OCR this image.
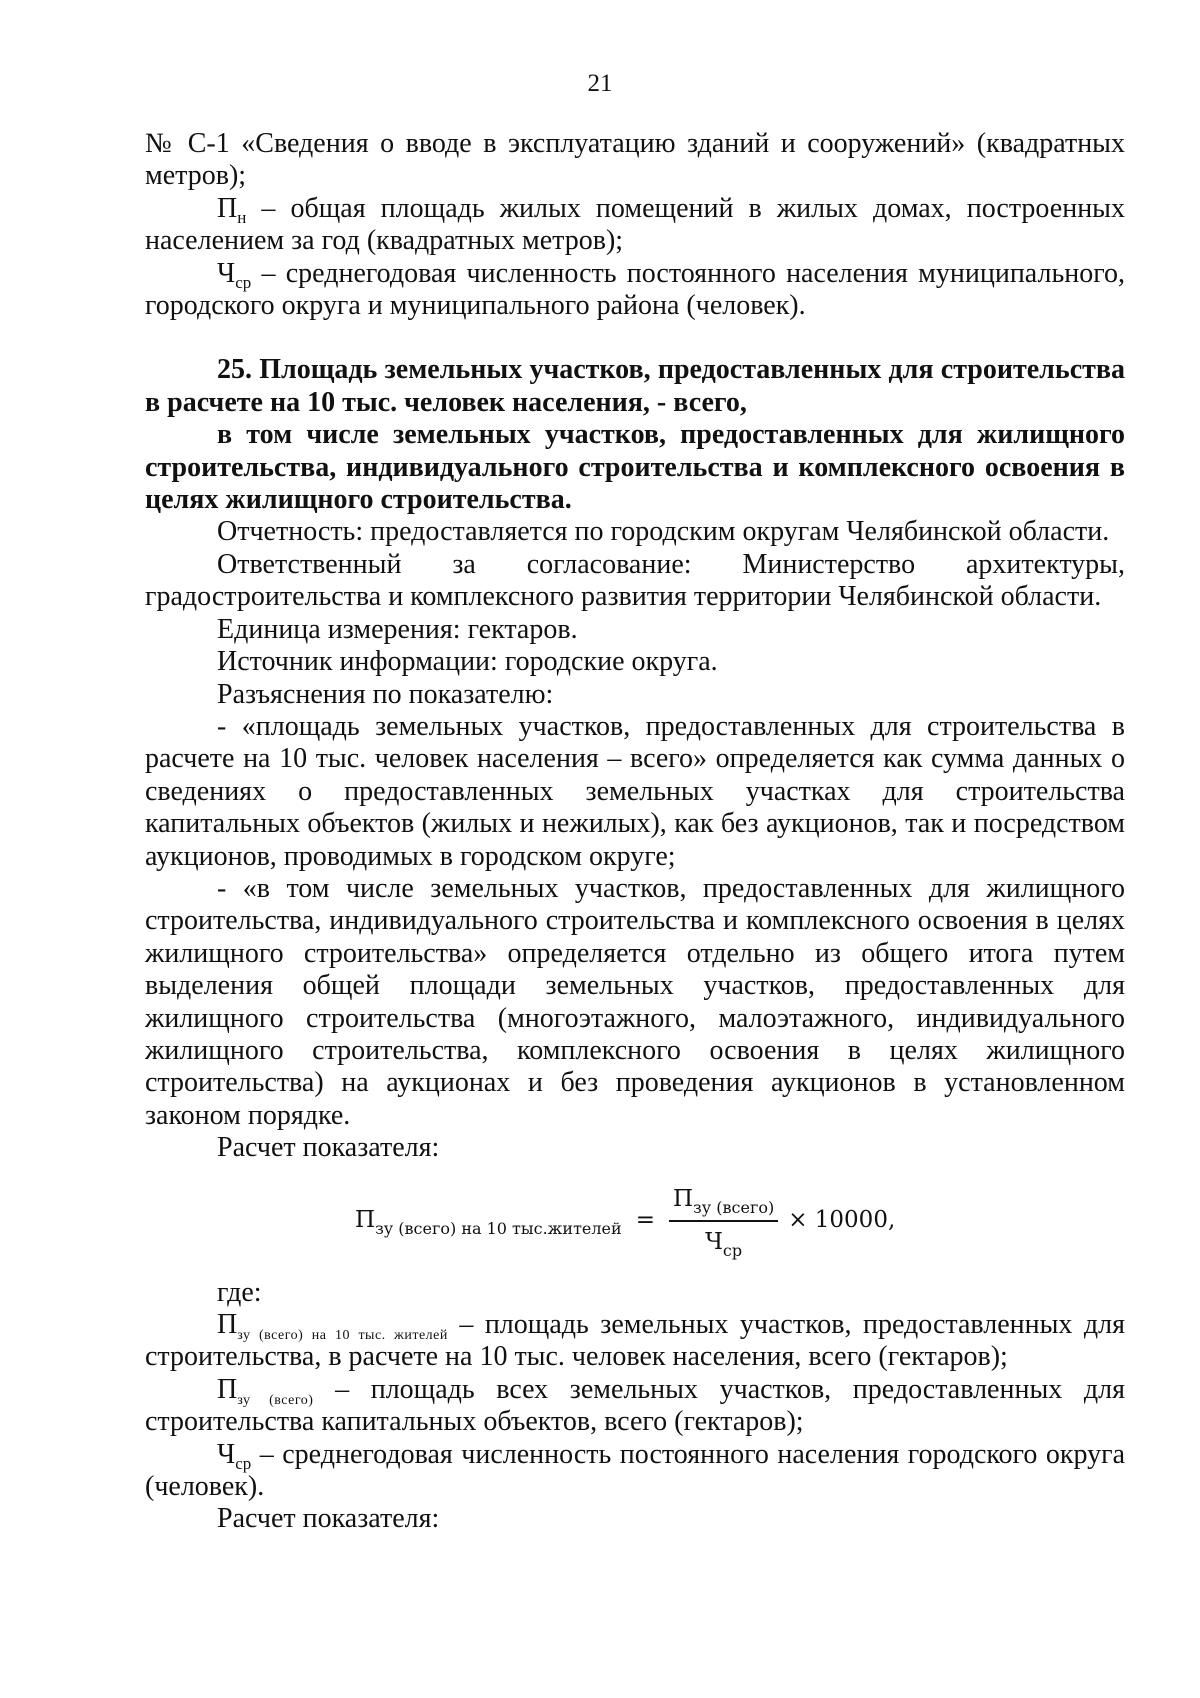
21

№ С-1 «Сведения о вводе в эксплуатацию зданий и сооружений» (квадратных метров);

$П_н$ – общая площадь жилых помещений в жилых домах, построенных населением за год (квадратных метров);

$Ч_{ср}$ – среднегодовая численность постоянного населения муниципального, городского округа и муниципального района (человек).

25. Площадь земельных участков, предоставленных для строительства в расчете на 10 тыс. человек населения, - всего,

в том числе земельных участков, предоставленных для жилищного строительства, индивидуального строительства и комплексного освоения в целях жилищного строительства.

Отчетность: предоставляется по городским округам Челябинской области.

Ответственный за согласование: Министерство архитектуры, градостроительства и комплексного развития территории Челябинской области.

Единица измерения: гектаров.

Источник информации: городские округа.

Разъяснения по показателю:

- «площадь земельных участков, предоставленных для строительства в расчете на 10 тыс. человек населения – всего» определяется как сумма данных о сведениях о предоставленных земельных участках для строительства капитальных объектов (жилых и нежилых), как без аукционов, так и посредством аукционов, проводимых в городском округе;

- «в том числе земельных участков, предоставленных для жилищного строительства, индивидуального строительства и комплексного освоения в целях жилищного строительства» определяется отдельно из общего итога путем выделения общей площади земельных участков, предоставленных для жилищного строительства (многоэтажного, малоэтажного, индивидуального жилищного строительства, комплексного освоения в целях жилищного строительства) на аукционах и без проведения аукционов в установленном законом порядке.

Расчет показателя:

$П_{зу (всего) на 10 тыс.жителей} = \frac{П_{зу (всего)}}{Ч_{ср}} \times 10000$,

где:

$П_{зу (всего) на 10 тыс. жителей}$ – площадь земельных участков, предоставленных для строительства, в расчете на 10 тыс. человек населения, всего (гектаров);

$П_{зу (всего)}$ – площадь всех земельных участков, предоставленных для строительства капитальных объектов, всего (гектаров);

$Ч_{ср}$ – среднегодовая численность постоянного населения городского округа (человек).

Расчет показателя:
